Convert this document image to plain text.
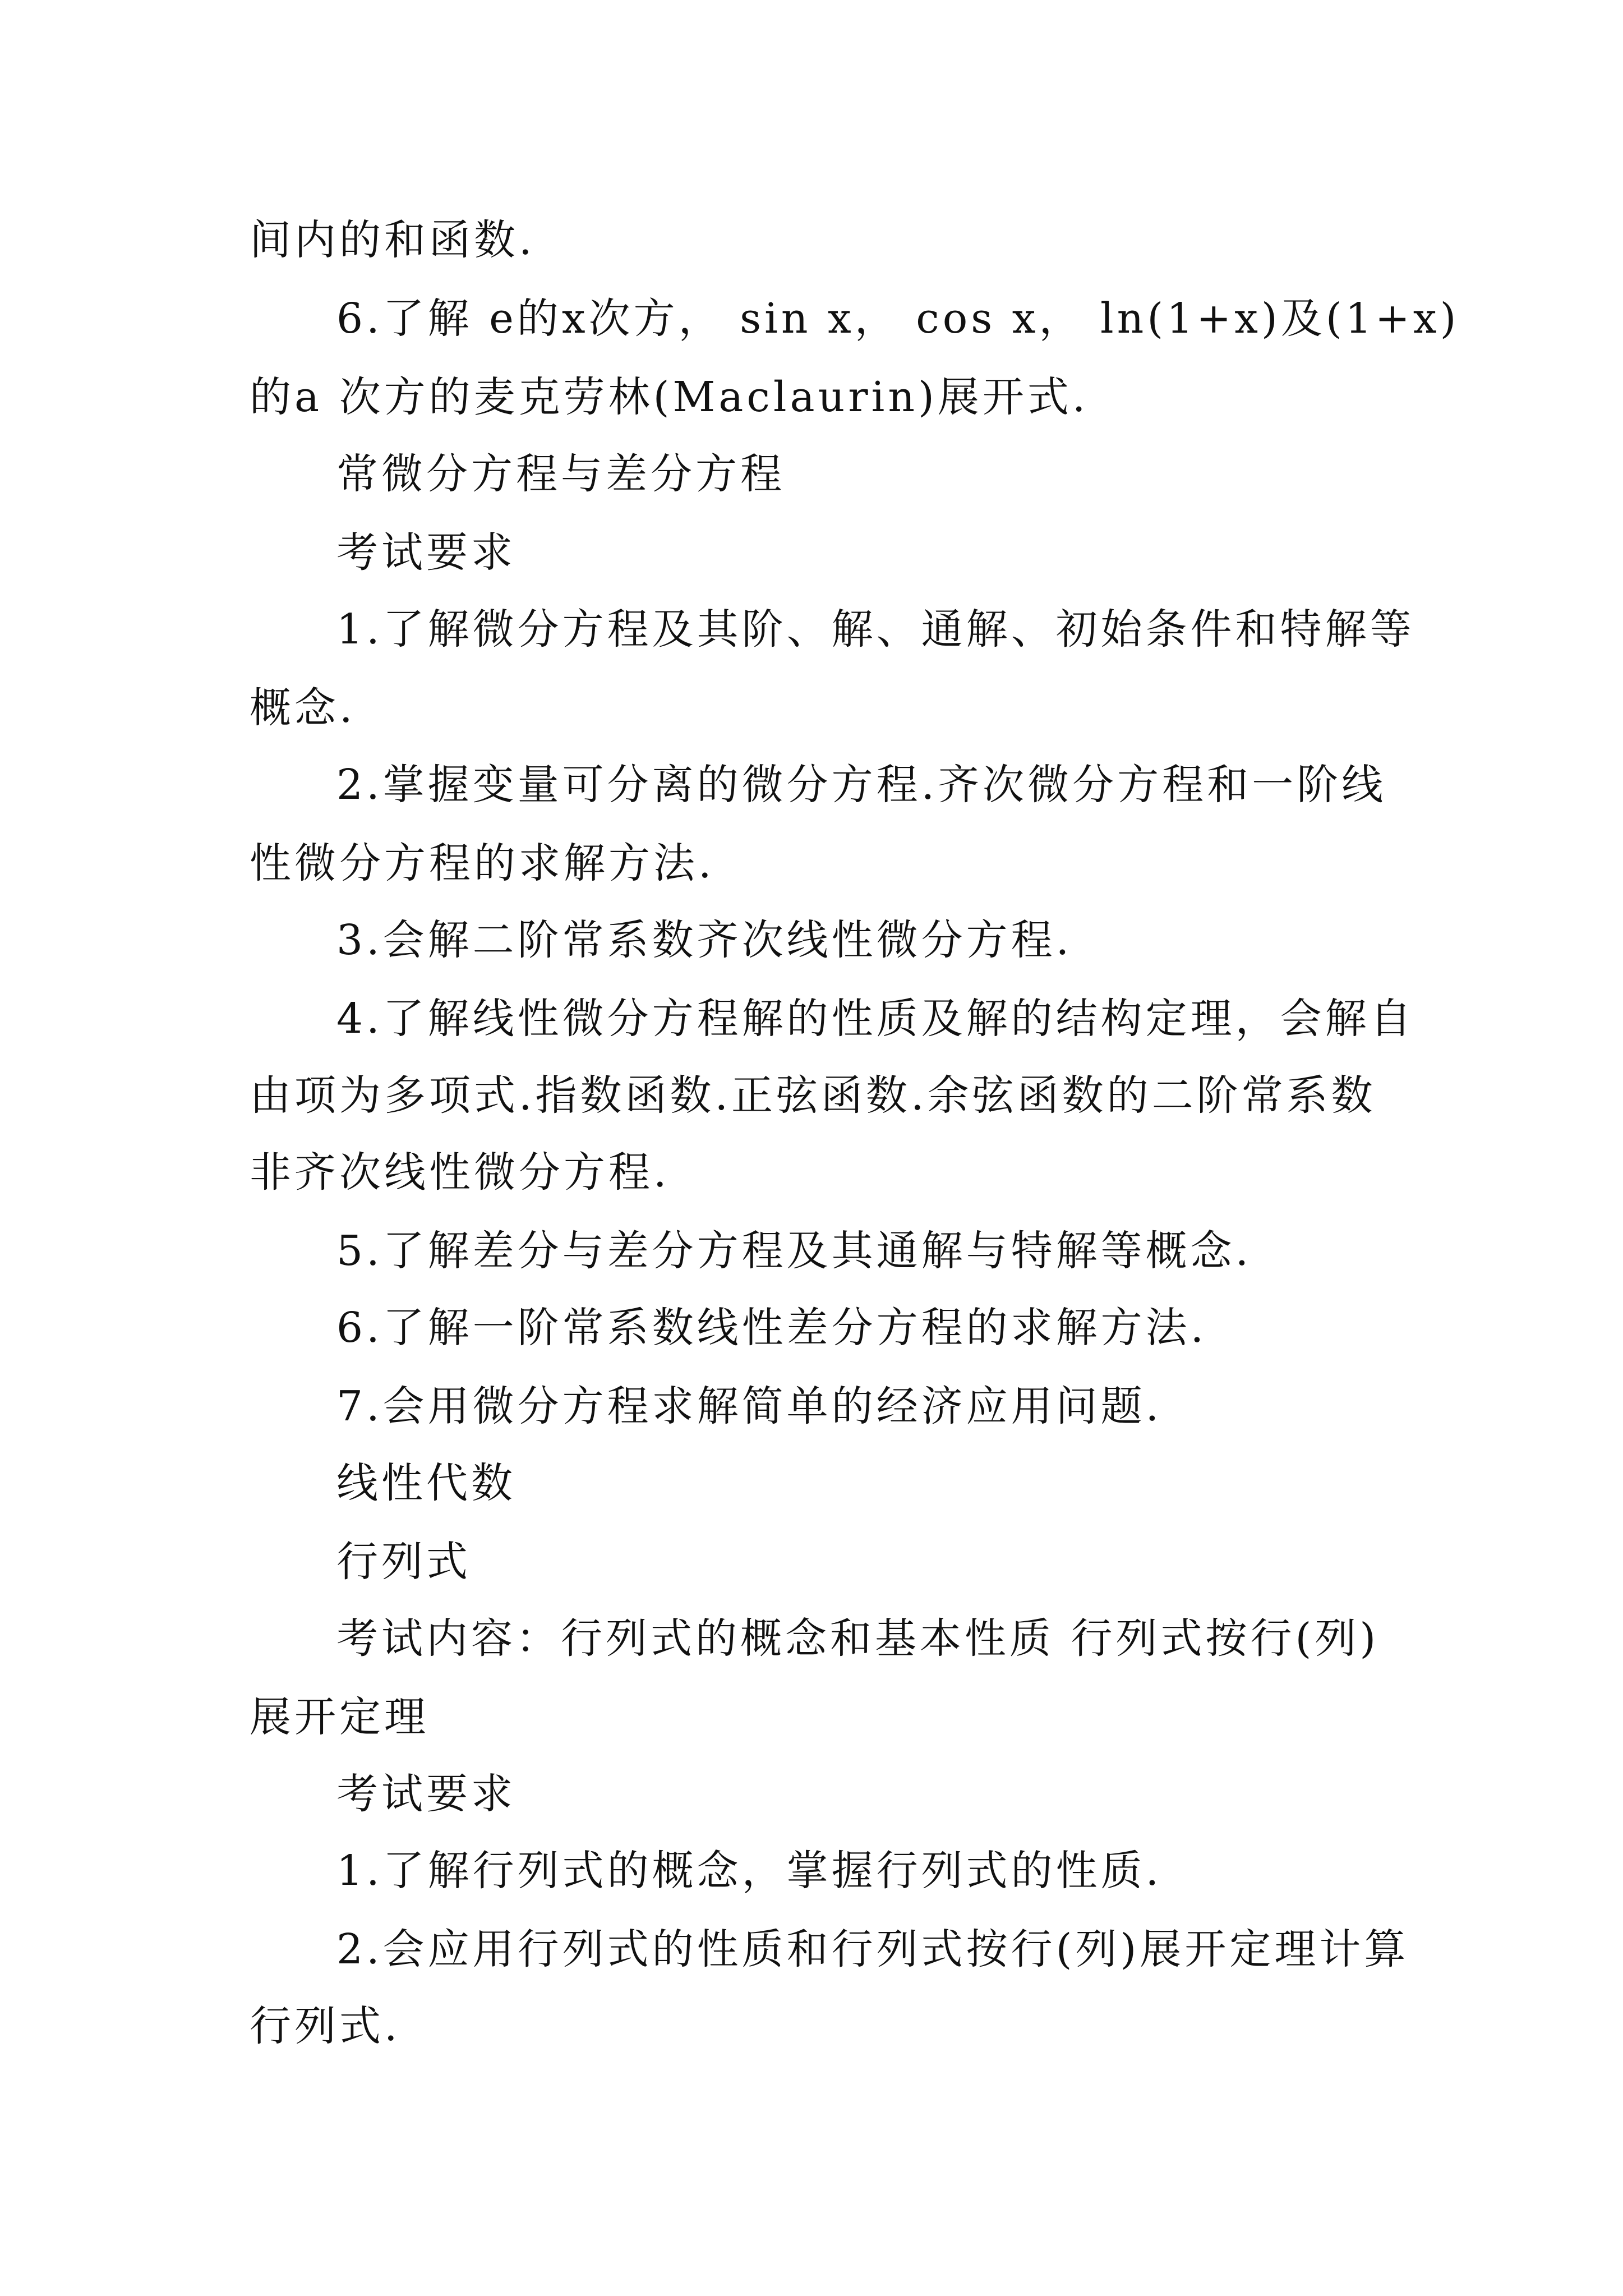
间内的和函数.

6.了解 e的x次方， sin x， cos x， ln(1+x)及(1+x)

的a 次方的麦克劳林(Maclaurin)展开式.

常微分方程与差分方程

考试要求

1.了解微分方程及其阶、解、通解、初始条件和特解等

概念.

2.掌握变量可分离的微分方程.齐次微分方程和一阶线

性微分方程的求解方法.

3.会解二阶常系数齐次线性微分方程.

4.了解线性微分方程解的性质及解的结构定理，会解自

由项为多项式.指数函数.正弦函数.余弦函数的二阶常系数

非齐次线性微分方程.

5.了解差分与差分方程及其通解与特解等概念.

6.了解一阶常系数线性差分方程的求解方法.

7.会用微分方程求解简单的经济应用问题.

线性代数

行列式

考试内容：行列式的概念和基本性质 行列式按行(列)

展开定理

考试要求

1.了解行列式的概念，掌握行列式的性质.

2.会应用行列式的性质和行列式按行(列)展开定理计算

行列式.
